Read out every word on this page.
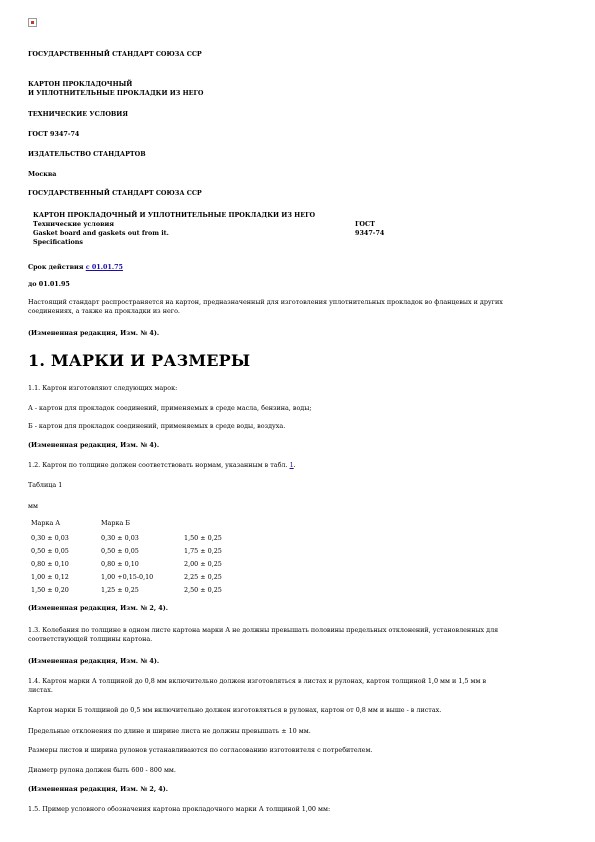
ГОСУДАРСТВЕННЫЙ СТАНДАРТ СОЮЗА ССР
КАРТОН ПРОКЛАДОЧНЫЙ
И УПЛОТНИТЕЛЬНЫЕ ПРОКЛАДКИ ИЗ НЕГО
ТЕХНИЧЕСКИЕ УСЛОВИЯ
ГОСТ 9347-74
ИЗДАТЕЛЬСТВО СТАНДАРТОВ
Москва
ГОСУДАРСТВЕННЫЙ СТАНДАРТ СОЮЗА ССР
КАРТОН ПРОКЛАДОЧНЫЙ И УПЛОТНИТЕЛЬНЫЕ ПРОКЛАДКИ ИЗ НЕГО
Технические условия
Gasket board and gaskets out from it.
Specifications
ГОСТ
9347-74
Срок действия с 01.01.75
до 01.01.95
Настоящий стандарт распространяется на картон, предназначенный для изготовления уплотнительных прокладок во фланцевых и других
соединениях, а также на прокладки из него.
(Измененная редакция, Изм. № 4).
1. МАРКИ И РАЗМЕРЫ
1.1. Картон изготовляют следующих марок:
А - картон для прокладок соединений, применяемых в среде масла, бензина, воды;
Б - картон для прокладок соединений, применяемых в среде воды, воздуха.
(Измененная редакция, Изм. № 4).
1.2. Картон по толщине должен соответствовать нормам, указанным в табл. 1.
Таблица 1
мм
Марка А	Марка Б
0,30 ± 0,03	0,30 ± 0,03	1,50 ± 0,25
0,50 ± 0,05	0,50 ± 0,05	1,75 ± 0,25
0,80 ± 0,10	0,80 ± 0,10	2,00 ± 0,25
1,00 ± 0,12	1,00 +0,15-0,10	2,25 ± 0,25
1,50 ± 0,20	1,25 ± 0,25	2,50 ± 0,25
(Измененная редакция, Изм. № 2, 4).
1.3. Колебания по толщине в одном листе картона марки А не должны превышать половины предельных отклонений, установленных для
соответствующей толщины картона.
(Измененная редакция, Изм. № 4).
1.4. Картон марки А толщиной до 0,8 мм включительно должен изготовляться в листах и рулонах, картон толщиной 1,0 мм и 1,5 мм в
листах.
Картон марки Б толщиной до 0,5 мм включительно должен изготовляться в рулонах, картон от 0,8 мм и выше - в листах.
Предельные отклонения по длине и ширине листа не должны превышать ± 10 мм.
Размеры листов и ширина рулонов устанавливаются по согласованию изготовителя с потребителем.
Диаметр рулона должен быть 600 - 800 мм.
(Измененная редакция, Изм. № 2, 4).
1.5. Пример условного обозначения картона прокладочного марки А толщиной 1,00 мм:
